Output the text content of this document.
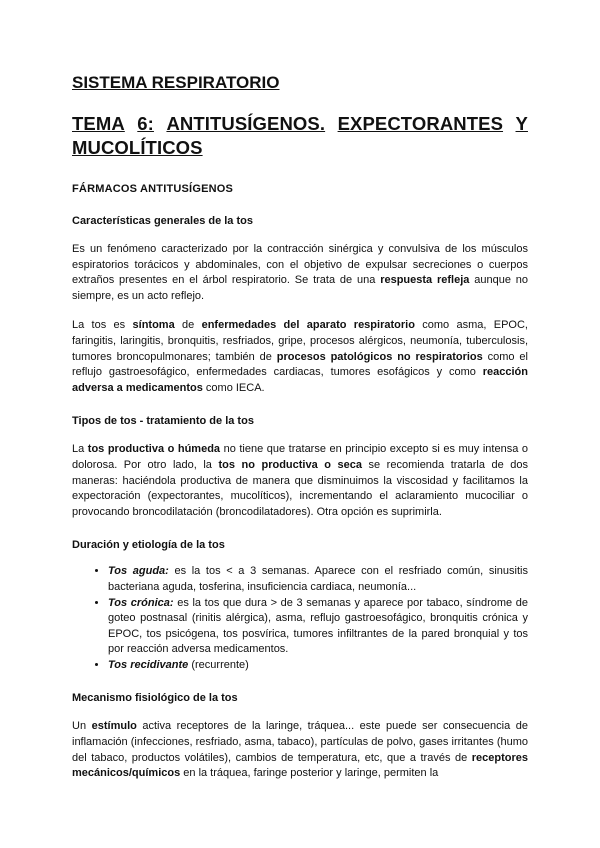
SISTEMA RESPIRATORIO
TEMA 6: ANTITUSÍGENOS. EXPECTORANTES Y
MUCOLÍTICOS
FÁRMACOS ANTITUSÍGENOS
Características generales de la tos

Es un fenómeno caracterizado por la contracción sinérgica y convulsiva de los músculos espiratorios torácicos y abdominales, con el objetivo de expulsar secreciones o cuerpos extraños presentes en el árbol respiratorio. Se trata de una respuesta refleja aunque no siempre, es un acto reflejo.

La tos es síntoma de enfermedades del aparato respiratorio como asma, EPOC, faringitis, laringitis, bronquitis, resfriados, gripe, procesos alérgicos, neumonía, tuberculosis, tumores broncopulmonares; también de procesos patológicos no respiratorios como el reflujo gastroesofágico, enfermedades cardiacas, tumores esofágicos y como reacción adversa a medicamentos como IECA.

Tipos de tos - tratamiento de la tos

La tos productiva o húmeda no tiene que tratarse en principio excepto si es muy intensa o dolorosa. Por otro lado, la tos no productiva o seca se recomienda tratarla de dos maneras: haciéndola productiva de manera que disminuimos la viscosidad y facilitamos la expectoración (expectorantes, mucolíticos), incrementando el aclaramiento mucociliar o provocando broncodilatación (broncodilatadores). Otra opción es suprimirla.

Duración y etiología de la tos
• Tos aguda: es la tos < a 3 semanas. Aparece con el resfriado común, sinusitis bacteriana aguda, tosferina, insuficiencia cardiaca, neumonía...
• Tos crónica: es la tos que dura > de 3 semanas y aparece por tabaco, síndrome de goteo postnasal (rinitis alérgica), asma, reflujo gastroesofágico, bronquitis crónica y EPOC, tos psicógena, tos posvírica, tumores infiltrantes de la pared bronquial y tos por reacción adversa medicamentos.
• Tos recidivante (recurrente)
Mecanismo fisiológico de la tos

Un estímulo activa receptores de la laringe, tráquea... este puede ser consecuencia de inflamación (infecciones, resfriado, asma, tabaco), partículas de polvo, gases irritantes (humo del tabaco, productos volátiles), cambios de temperatura, etc, que a través de receptores mecánicos/químicos en la tráquea, faringe posterior y laringe, permiten la
